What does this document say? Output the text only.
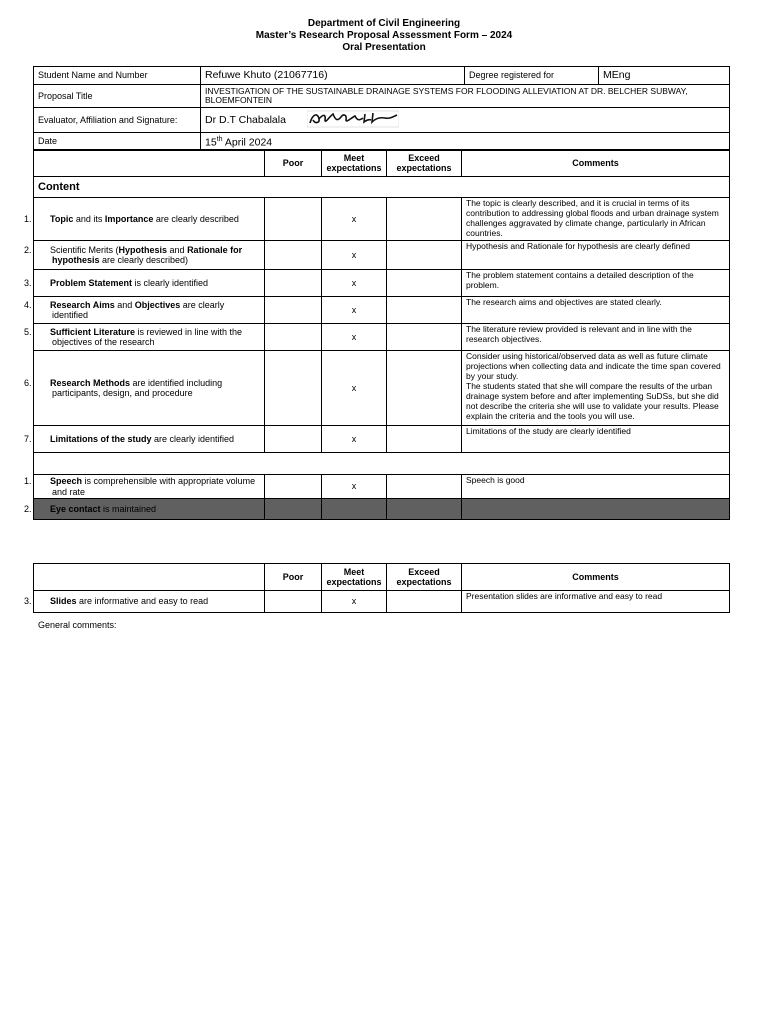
Department of Civil Engineering
Master’s Research Proposal Assessment Form – 2024
Oral Presentation
Student Name and Number	Refuwe Khuto (21067716)	Degree registered for	MEng
Proposal Title	INVESTIGATION OF THE SUSTAINABLE DRAINAGE SYSTEMS FOR FLOODING ALLEVIATION AT DR. BELCHER SUBWAY, BLOEMFONTEIN		
Evaluator, Affiliation and Signature:	Dr D.T Chabalala		
Date	15th April 2024		
	Poor	Meet expectations	Exceed expectations	Comments
Content				

1. Topic and its Importance are clearly described		x		The topic is clearly described, and it is crucial in terms of its contribution to addressing global floods and urban drainage system challenges aggravated by climate change, particularly in African countries.

2. Scientific Merits (Hypothesis and Rationale for hypothesis are clearly described)		x		Hypothesis and Rationale for hypothesis are clearly defined

3. Problem Statement is clearly identified		x		The problem statement contains a detailed description of the problem.

4. Research Aims and Objectives are clearly identified		x		The research aims and objectives are stated clearly.

5. Sufficient Literature is reviewed in line with the objectives of the research		x		The literature review provided is relevant and in line with the research objectives.

6. Research Methods are identified including participants, design, and procedure		x		Consider using historical/observed data as well as future climate projections when collecting data and indicate the time span covered by your study.
The students stated that she will compare the results of the urban drainage system before and after implementing SuDSs, but she did not describe the criteria she will use to validate your results. Please explain the criteria and the tools you will use.

7. Limitations of the study are clearly identified		x		Limitations of the study are clearly identified

1. Speech is comprehensible with appropriate volume and rate		x		Speech is good

2. Eye contact is maintained				

	Poor	Meet expectations	Exceed expectations	Comments

3. Slides are informative and easy to read		x		Presentation slides are informative and easy to read
General comments:
